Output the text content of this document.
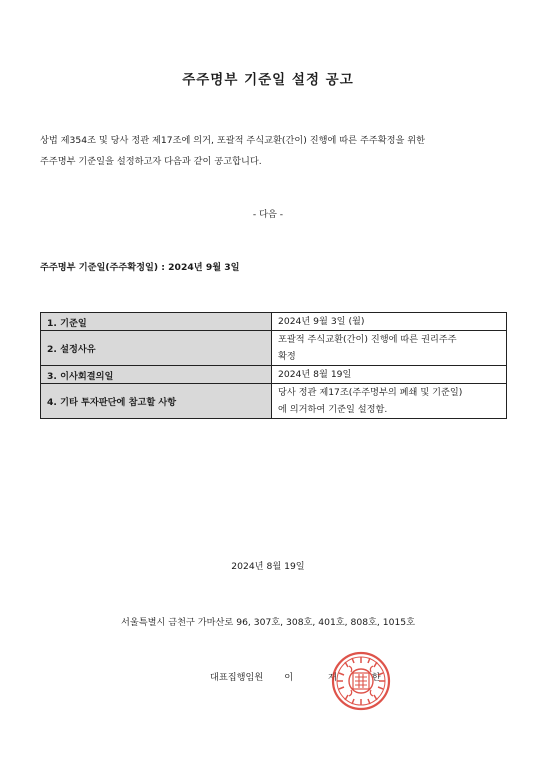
주주명부 기준일 설정 공고

상법 제354조 및 당사 정관 제17조에 의거, 포괄적 주식교환(간이) 진행에 따른 주주확정을 위한
주주명부 기준일을 설정하고자 다음과 같이 공고합니다.

- 다음 -

주주명부 기준일(주주확정일) : 2024년 9월 3일

1. 기준일	2024년 9월 3일 (월)
2. 설정사유	포괄적 주식교환(간이) 진행에 따른 권리주주
확정
3. 이사회결의일	2024년 8월 19일
4. 기타 투자판단에 참고할 사항	당사 정관 제17조(주주명부의 폐쇄 및 기준일)
에 의거하여 기준일 설정함.

2024년 8월 19일

서울특별시 금천구 가마산로 96, 307호, 308호, 401호, 808호, 1015호

대표집행임원 이 재 한
